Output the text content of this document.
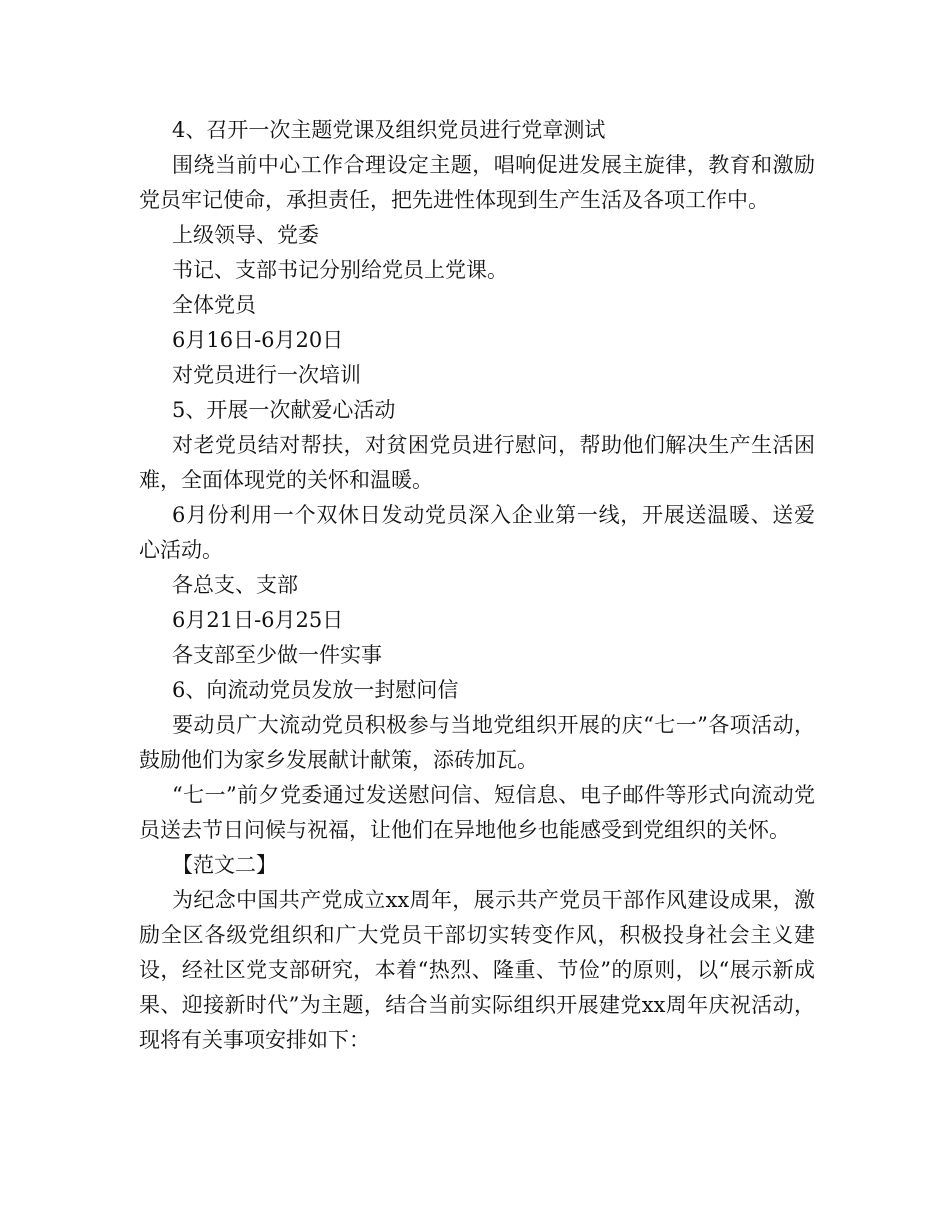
4、召开一次主题党课及组织党员进行党章测试

围绕当前中心工作合理设定主题，唱响促进发展主旋律，教育和激励党员牢记使命，承担责任，把先进性体现到生产生活及各项工作中。

上级领导、党委

书记、支部书记分别给党员上党课。

全体党员

6月16日-6月20日

对党员进行一次培训

5、开展一次献爱心活动

对老党员结对帮扶，对贫困党员进行慰问，帮助他们解决生产生活困难，全面体现党的关怀和温暖。

6月份利用一个双休日发动党员深入企业第一线，开展送温暖、送爱心活动。

各总支、支部

6月21日-6月25日

各支部至少做一件实事

6、向流动党员发放一封慰问信

要动员广大流动党员积极参与当地党组织开展的庆“七一”各项活动，鼓励他们为家乡发展献计献策，添砖加瓦。

“七一”前夕党委通过发送慰问信、短信息、电子邮件等形式向流动党员送去节日问候与祝福，让他们在异地他乡也能感受到党组织的关怀。

【范文二】

为纪念中国共产党成立xx周年，展示共产党员干部作风建设成果，激励全区各级党组织和广大党员干部切实转变作风，积极投身社会主义建设，经社区党支部研究，本着“热烈、隆重、节俭”的原则，以“展示新成果、迎接新时代”为主题，结合当前实际组织开展建党xx周年庆祝活动，现将有关事项安排如下：
